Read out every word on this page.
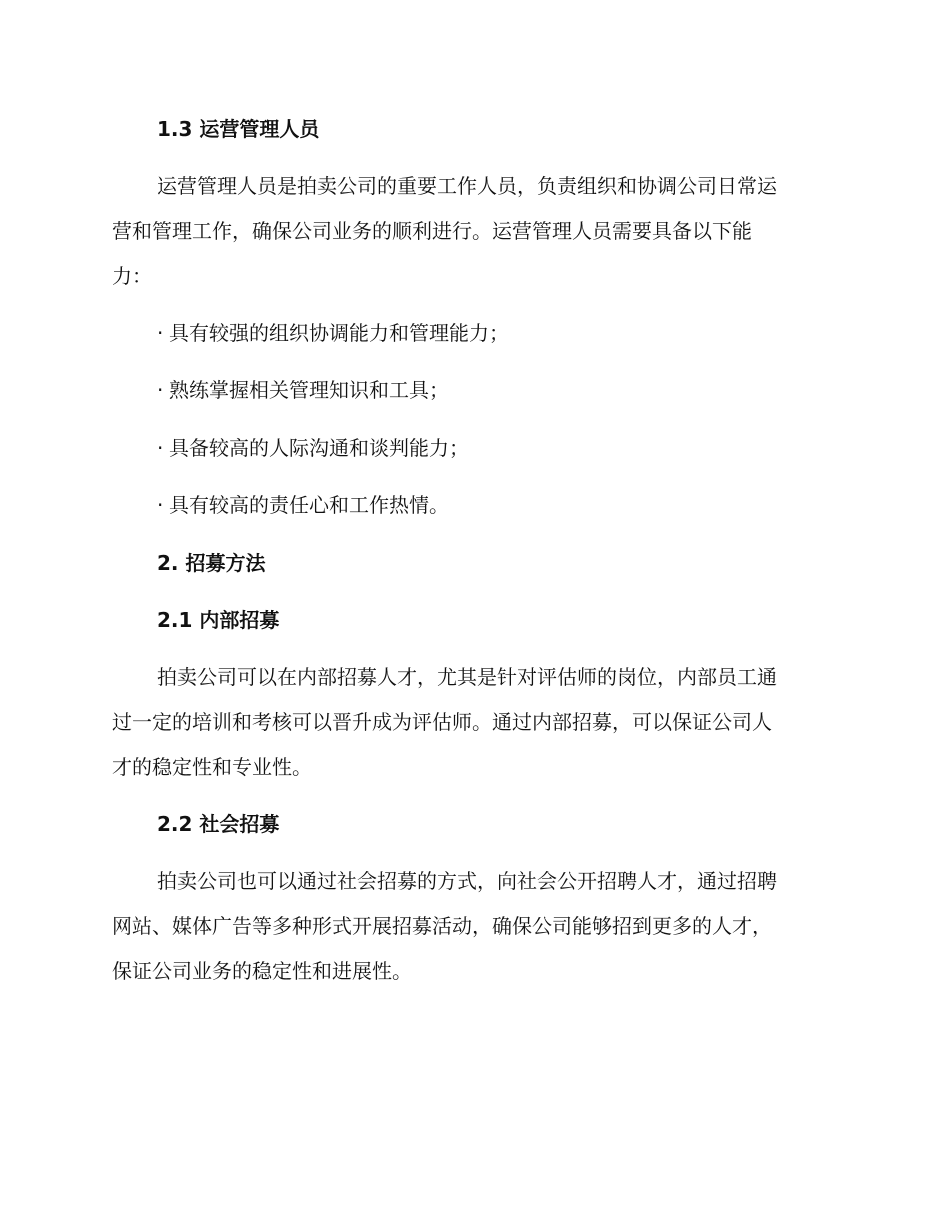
1.3 运营管理人员
运营管理人员是拍卖公司的重要工作人员，负责组织和协调公司日常运
营和管理工作，确保公司业务的顺利进行。运营管理人员需要具备以下能
力：
· 具有较强的组织协调能力和管理能力；
· 熟练掌握相关管理知识和工具；
· 具备较高的人际沟通和谈判能力；
· 具有较高的责任心和工作热情。
2. 招募方法
2.1 内部招募
拍卖公司可以在内部招募人才，尤其是针对评估师的岗位，内部员工通
过一定的培训和考核可以晋升成为评估师。通过内部招募，可以保证公司人
才的稳定性和专业性。
2.2 社会招募
拍卖公司也可以通过社会招募的方式，向社会公开招聘人才，通过招聘
网站、媒体广告等多种形式开展招募活动，确保公司能够招到更多的人才，
保证公司业务的稳定性和进展性。
